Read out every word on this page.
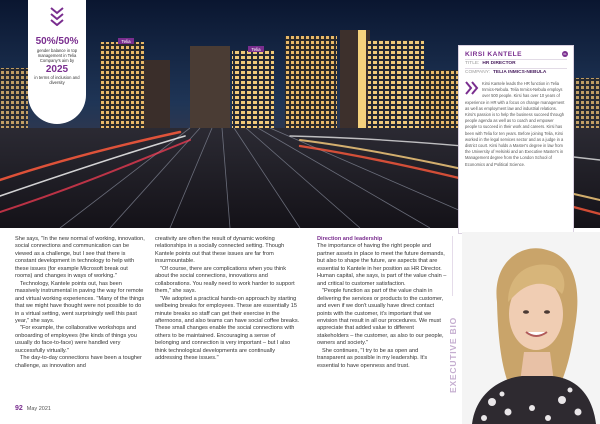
Telia
Telia
50%/50%
gender balance in top management in Telia Company's aim by
2025
in terms of inclusion and diversity
KIRSI KANTELE	01
TITLE: HR DIRECTOR
COMPANY: TELIA INMICS-NEBULA
Kirsi Kantele leads the HR function in Telia Inmics-Nebula. Telia Inmics-Nebula employs over 500 people. Kirsi has over 10 years of experience in HR with a focus on change management as well as employment law and industrial relations. Kirsi's passion is to help the business succeed through people agenda as well as to coach and empower people to succeed in their work and careers. Kirsi has been with Telia for ten years. Before joining Telia, Kirsi worked in the legal services sector and as a judge in a district court. Kirsi holds a Master's degree in law from the University of Helsinki and an Executive Master's in Management degree from the London School of Economics and Political Science.

She says, "In the new normal of working, innovation, social connections and communication can be viewed as a challenge, but I see that there is constant development in technology to help with these issues (for example Microsoft break out rooms) and changes in ways of working."

Technology, Kantele points out, has been massively instrumental in paving the way for remote and virtual working experiences. "Many of the things that we might have thought were not possible to do in a virtual setting, went surprisingly well this past year," she says.

"For example, the collaborative workshops and onboarding of employees (the kinds of things you usually do face-to-face) were handled very successfully virtually."

The day-to-day connections have been a tougher challenge, as innovation and

creativity are often the result of dynamic working relationships in a socially connected setting. Though Kantele points out that these issues are far from insurmountable.

"Of course, there are complications when you think about the social connections, innovations and collaborations. You really need to work harder to support them," she says.

"We adopted a practical hands-on approach by starting wellbeing breaks for employees. These are essentially 15 minute breaks so staff can get their exercise in the afternoons, and also teams can have social coffee breaks. These small changes enable the social connections with others to be maintained. Encouraging a sense of belonging and connection is very important – but I also think technological developments are continually addressing these issues."

Direction and leadership

The importance of having the right people and partner assets in place to meet the future demands, but also to shape the future, are aspects that are essential to Kantele in her position as HR Director.

Human capital, she says, is part of the value chain – and critical to customer satisfaction.

"People function as part of the value chain in delivering the services or products to the customer, and even if we don't usually have direct contact points with the customer, it's important that we envision that result in all our procedures. We must appreciate that added value to different stakeholders – the customer, as also to our people, owners and society."

She continues, "I try to be as open and transparent as possible in my leadership. It's essential to have openness and trust.	EXECUTIVE BIO
92 May 2021
